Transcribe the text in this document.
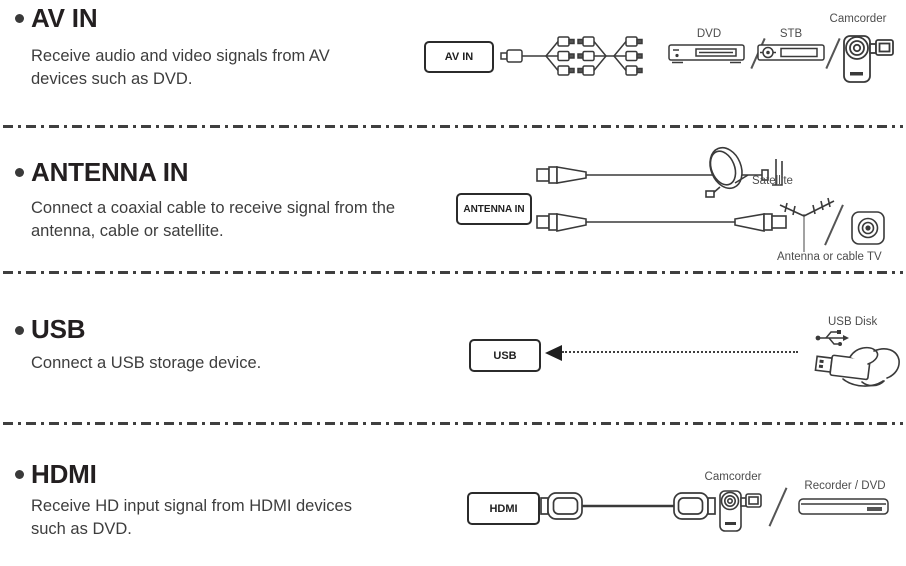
AV IN

Receive audio and video signals from AV devices such as DVD.

AV IN
DVD	STB
Camcorder
ANTENNA IN

Connect a coaxial cable to receive signal from the antenna, cable or satellite.

ANTENNA IN
Satellite
Antenna or cable TV
USB

Connect a USB storage device.	USB
USB Disk
HDMI

Receive HD input signal from HDMI devices such as DVD.

HDMI
Camcorder
Recorder / DVD
